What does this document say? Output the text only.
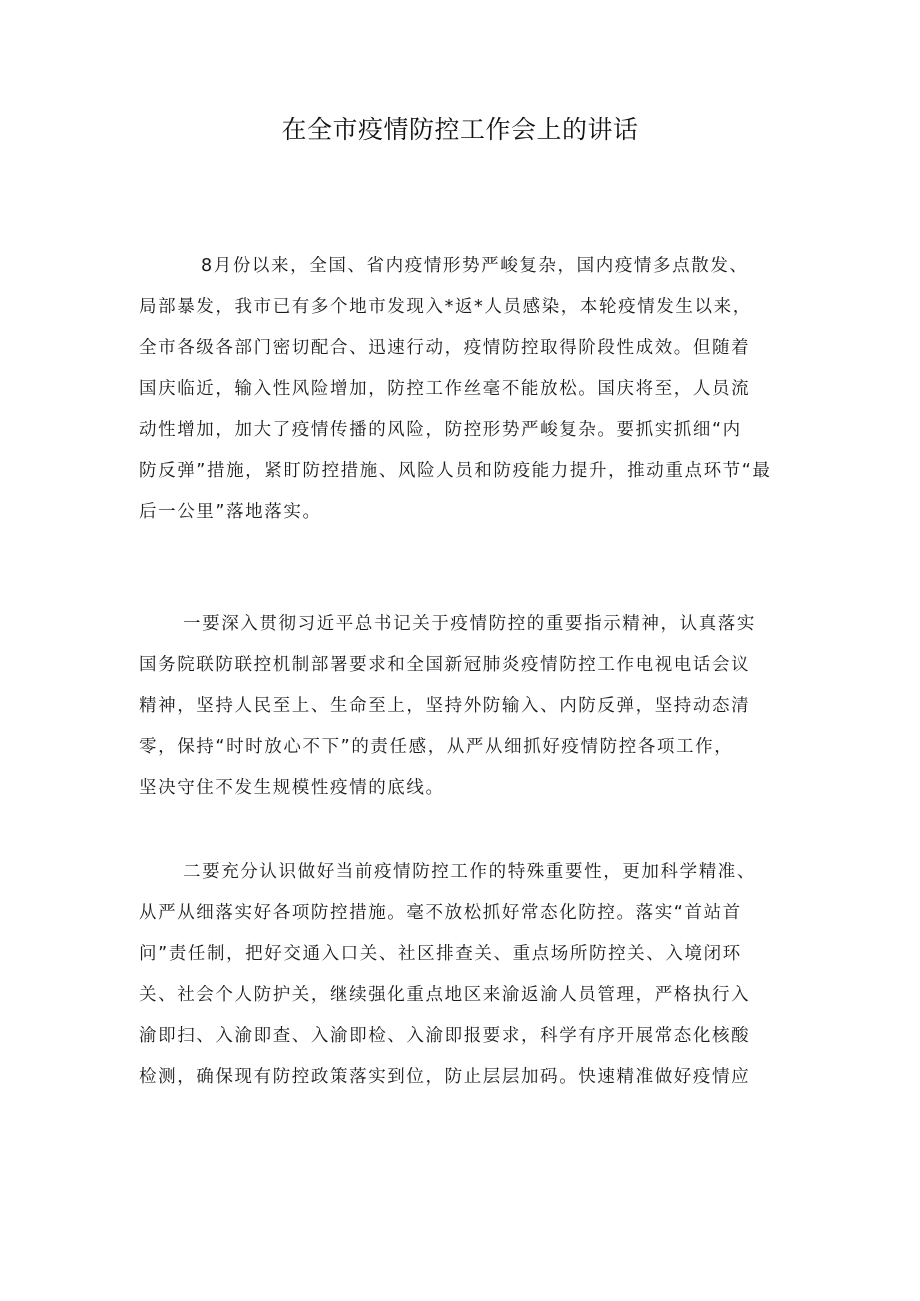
在全市疫情防控工作会上的讲话
8月份以来，全国、省内疫情形势严峻复杂，国内疫情多点散发、
局部暴发，我市已有多个地市发现入*返*人员感染，本轮疫情发生以来，
全市各级各部门密切配合、迅速行动，疫情防控取得阶段性成效。但随着
国庆临近，输入性风险增加，防控工作丝毫不能放松。国庆将至，人员流
动性增加，加大了疫情传播的风险，防控形势严峻复杂。要抓实抓细“内
防反弹”措施，紧盯防控措施、风险人员和防疫能力提升，推动重点环节“最
后一公里”落地落实。
一要深入贯彻习近平总书记关于疫情防控的重要指示精神，认真落实
国务院联防联控机制部署要求和全国新冠肺炎疫情防控工作电视电话会议
精神，坚持人民至上、生命至上，坚持外防输入、内防反弹，坚持动态清
零，保持“时时放心不下”的责任感，从严从细抓好疫情防控各项工作，
坚决守住不发生规模性疫情的底线。
二要充分认识做好当前疫情防控工作的特殊重要性，更加科学精准、
从严从细落实好各项防控措施。毫不放松抓好常态化防控。落实“首站首
问”责任制，把好交通入口关、社区排查关、重点场所防控关、入境闭环
关、社会个人防护关，继续强化重点地区来渝返渝人员管理，严格执行入
渝即扫、入渝即查、入渝即检、入渝即报要求，科学有序开展常态化核酸
检测，确保现有防控政策落实到位，防止层层加码。快速精准做好疫情应
